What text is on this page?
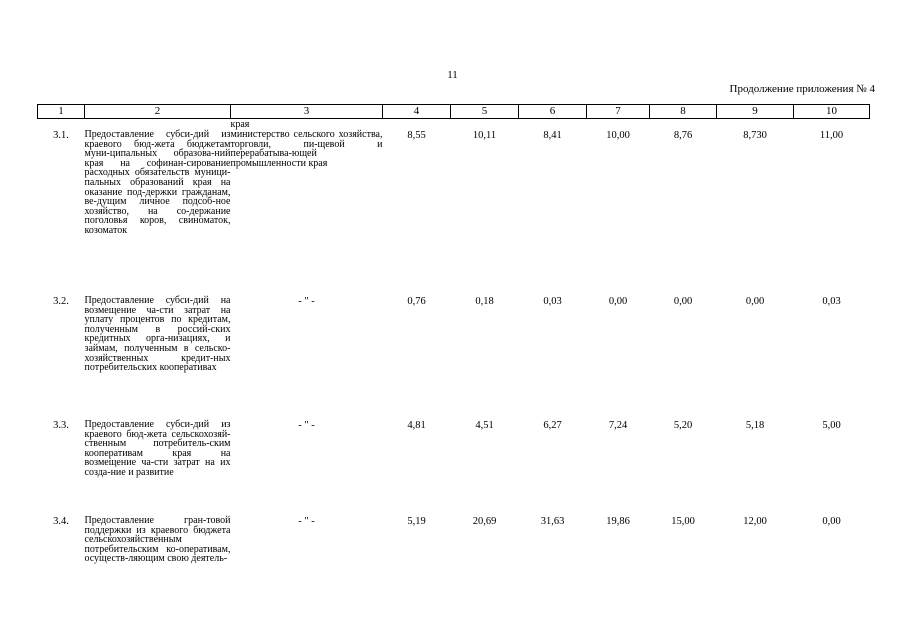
11
Продолжение приложения № 4
1	2	3	4	5	6	7	8	9	10
		края							
3.1.	Предоставление субси-дий из краевого бюд-жета бюджетам муни-ципальных образова-ний края на софинан-сирование расходных обязательств муници-пальных образований края на оказание под-держки гражданам, ве-дущим личное подсоб-ное хозяйство, на со-держание поголовья коров, свиноматок, козоматок	министерство сельского хозяйства, торговли, пи-щевой и перерабатыва-ющей промышленности края	8,55	10,11	8,41	10,00	8,76	8,730	11,00
3.2.	Предоставление субси-дий на возмещение ча-сти затрат на уплату процентов по кредитам, полученным в россий-ских кредитных орга-низациях, и займам, полученным в сельско-хозяйственных кредит-ных потребительских кооперативах	- " -	0,76	0,18	0,03	0,00	0,00	0,00	0,03
3.3.	Предоставление субси-дий из краевого бюд-жета сельскохозяй-ственным потребитель-ским кооперативам края на возмещение ча-сти затрат на их созда-ние и развитие	- " -	4,81	4,51	6,27	7,24	5,20	5,18	5,00
3.4.	Предоставление гран-товой поддержки из краевого бюджета сельскохозяйственным потребительским ко-оперативам, осуществ-ляющим свою деятель-	- " -	5,19	20,69	31,63	19,86	15,00	12,00	0,00
